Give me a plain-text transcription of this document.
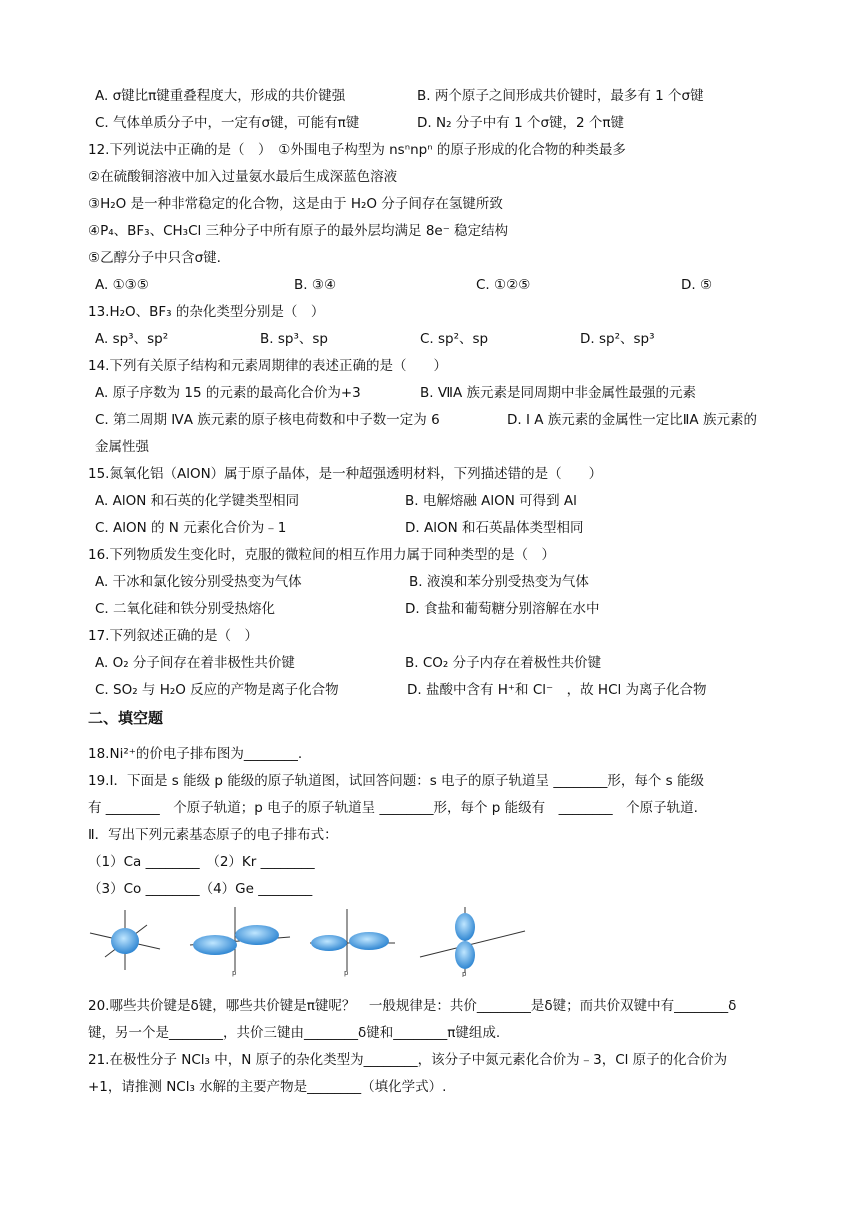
A. σ键比π键重叠程度大，形成的共价键强	B. 两个原子之间形成共价键时，最多有 1 个σ键
C. 气体单质分子中，一定有σ键，可能有π键	D. N₂ 分子中有 1 个σ键，2 个π键
12.下列说法中正确的是（　）　①外围电子构型为 nsⁿnpⁿ 的原子形成的化合物的种类最多
②在硫酸铜溶液中加入过量氨水最后生成深蓝色溶液
③H₂O 是一种非常稳定的化合物，这是由于 H₂O 分子间存在氢键所致
④P₄、BF₃、CH₃Cl 三种分子中所有原子的最外层均满足 8e⁻ 稳定结构
⑤乙醇分子中只含σ键.
A. ①③⑤	B. ③④	C. ①②⑤	D. ⑤
13.H₂O、BF₃ 的杂化类型分别是（　）
A. sp³、sp²	B. sp³、sp	C. sp²、sp	D. sp²、sp³
14.下列有关原子结构和元素周期律的表述正确的是（　　）
A. 原子序数为 15 的元素的最高化合价为+3	B. ⅦA 族元素是同周期中非金属性最强的元素
C. 第二周期 ⅣA 族元素的原子核电荷数和中子数一定为 6	D. I A 族元素的金属性一定比ⅡA 族元素的
金属性强
15.氮氧化铝（AlON）属于原子晶体，是一种超强透明材料，下列描述错的是（　　）
A. AlON 和石英的化学键类型相同	B. 电解熔融 AlON 可得到 Al
C. AlON 的 N 元素化合价为﹣1	D. AlON 和石英晶体类型相同
16.下列物质发生变化时，克服的微粒间的相互作用力属于同种类型的是（　）
A. 干冰和氯化铵分别受热变为气体	B. 液溴和苯分别受热变为气体
C. 二氧化硅和铁分别受热熔化	D. 食盐和葡萄糖分别溶解在水中
17.下列叙述正确的是（　）
A. O₂ 分子间存在着非极性共价键	B. CO₂ 分子内存在着极性共价键
C. SO₂ 与 H₂O 反应的产物是离子化合物	D. 盐酸中含有 H⁺和 Cl⁻　，故 HCl 为离子化合物
二、填空题
18.Ni²⁺的价电子排布图为________.
19.Ⅰ．下面是 s 能级 p 能级的原子轨道图，试回答问题：s 电子的原子轨道呈 ________形，每个 s 能级
有 ________　个原子轨道；p 电子的原子轨道呈 ________形，每个 p 能级有　________　个原子轨道.
Ⅱ．写出下列元素基态原子的电子排布式：
（1）Ca ________　（2）Kr ________
（3）Co ________（4）Ge ________
p	p	p
20.哪些共价键是δ键，哪些共价键是π键呢？　一般规律是：共价________是δ键；而共价双键中有________δ
键，另一个是________，共价三键由________δ键和________π键组成.
21.在极性分子 NCl₃ 中，N 原子的杂化类型为________，该分子中氮元素化合价为﹣3，Cl 原子的化合价为
+1，请推测 NCl₃ 水解的主要产物是________（填化学式）.
